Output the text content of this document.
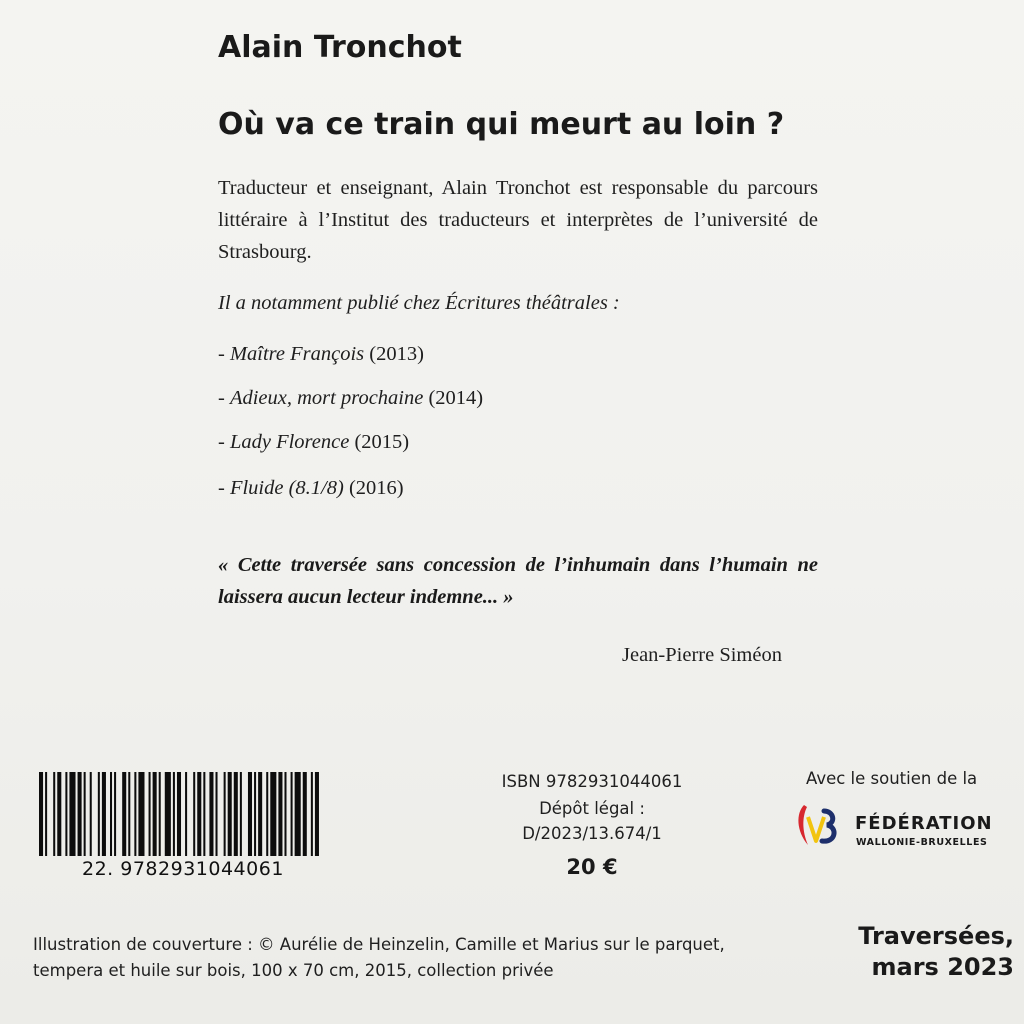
Alain Tronchot
Où va ce train qui meurt au loin ?
Traducteur et enseignant, Alain Tronchot est responsable du parcours littéraire à l’Institut des traducteurs et interprètes de l’université de Strasbourg.
Il a notamment publié chez Écritures théâtrales :
- Maître François (2013)
- Adieux, mort prochaine (2014)
- Lady Florence (2015)
- Fluide (8.1/8) (2016)
« Cette traversée sans concession de l’inhumain dans l’humain ne laissera aucun lecteur indemne... »
Jean-Pierre Siméon
22. 9782931044061
ISBN 9782931044061
Dépôt légal :
D/2023/13.674/1
20 €
Avec le soutien de la
FÉDÉRATION
WALLONIE-BRUXELLES
Illustration de couverture : © Aurélie de Heinzelin, Camille et Marius sur le parquet,
tempera et huile sur bois, 100 x 70 cm, 2015, collection privée
Traversées,
mars 2023
